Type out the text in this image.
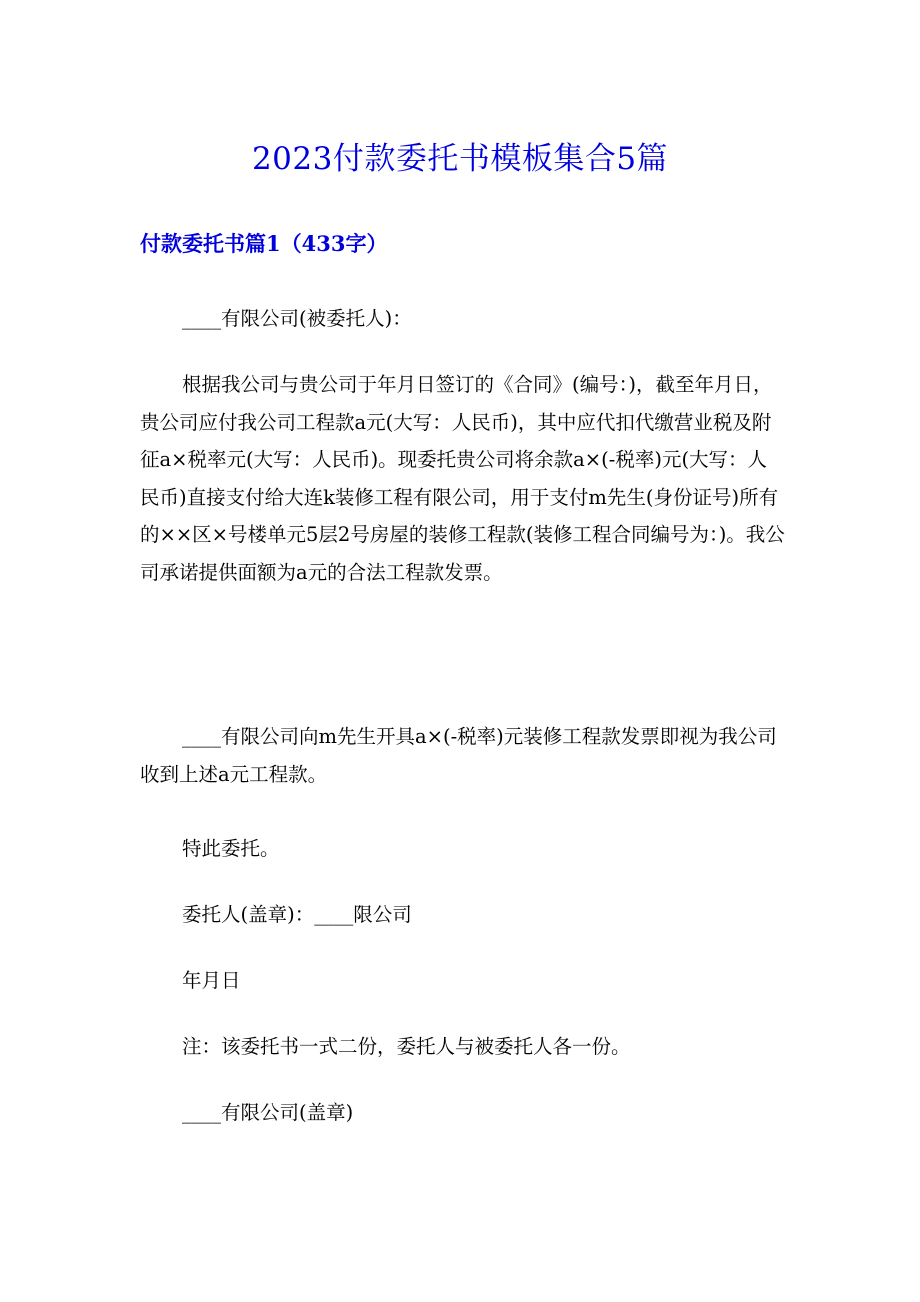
2023付款委托书模板集合5篇
付款委托书篇1（433字）

____有限公司(被委托人)：

根据我公司与贵公司于年月日签订的《合同》(编号：)，截至年月日，贵公司应付我公司工程款a元(大写：人民币)，其中应代扣代缴营业税及附征a×税率元(大写：人民币)。现委托贵公司将余款a×(-税率)元(大写：人民币)直接支付给大连k装修工程有限公司，用于支付m先生(身份证号)所有的××区×号楼单元5层2号房屋的装修工程款(装修工程合同编号为：)。我公司承诺提供面额为a元的合法工程款发票。

____有限公司向m先生开具a×(-税率)元装修工程款发票即视为我公司收到上述a元工程款。

特此委托。

委托人(盖章)：____限公司

年月日

注：该委托书一式二份，委托人与被委托人各一份。

____有限公司(盖章)
